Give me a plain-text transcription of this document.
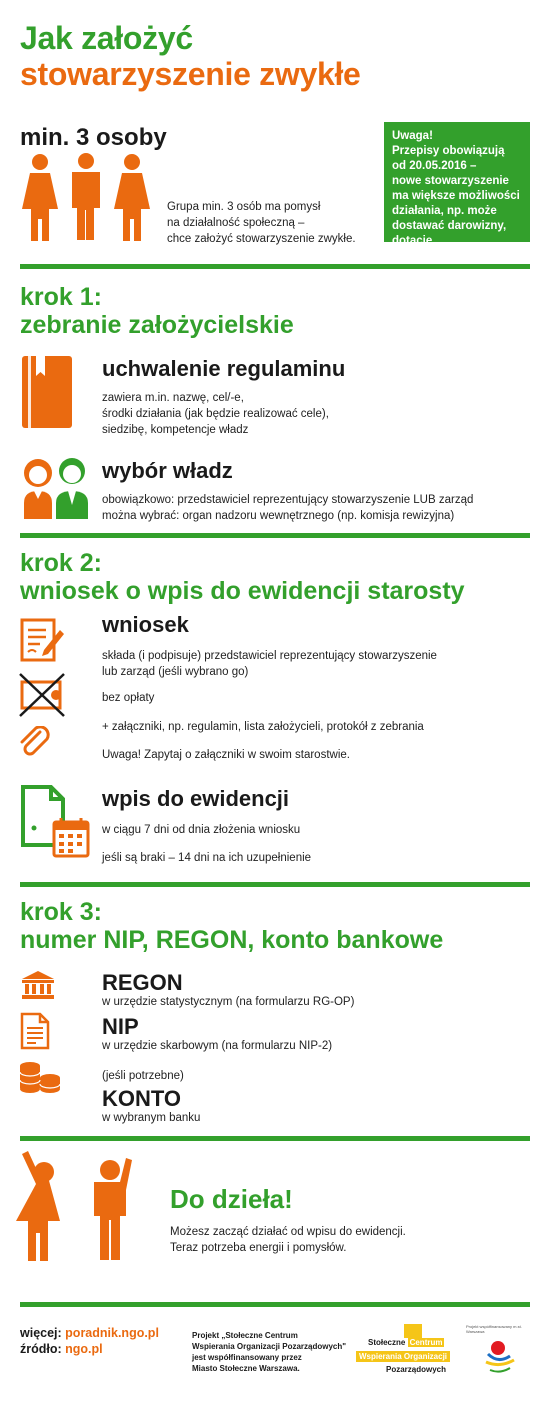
Jak założyć
stowarzyszenie zwykłe
min. 3 osoby
Grupa min. 3 osób ma pomysł
na działalność społeczną –
chce założyć stowarzyszenie zwykłe.
Uwaga!
Przepisy obowiązują
od 20.05.2016 –
nowe stowarzyszenie
ma większe możliwości
działania, np. może
dostawać darowizny,
dotacje.
krok 1:
zebranie założycielskie
uchwalenie regulaminu
zawiera m.in. nazwę, cel/-e,
środki działania (jak będzie realizować cele),
siedzibę, kompetencje władz
wybór władz
obowiązkowo: przedstawiciel reprezentujący stowarzyszenie LUB zarząd
można wybrać: organ nadzoru wewnętrznego (np. komisja rewizyjna)
krok 2:
wniosek o wpis do ewidencji starosty
wniosek
składa (i podpisuje) przedstawiciel reprezentujący stowarzyszenie
lub zarząd (jeśli wybrano go)
bez opłaty
+ załączniki, np. regulamin, lista założycieli, protokół z zebrania
Uwaga! Zapytaj o załączniki w swoim starostwie.
wpis do ewidencji
w ciągu 7 dni od dnia złożenia wniosku
jeśli są braki – 14 dni na ich uzupełnienie
krok 3:
numer NIP, REGON, konto bankowe
REGON
w urzędzie statystycznym (na formularzu RG-OP)
NIP
w urzędzie skarbowym (na formularzu NIP-2)
(jeśli potrzebne)
KONTO
w wybranym banku
Do dzieła!
Możesz zacząć działać od wpisu do ewidencji.
Teraz potrzeba energii i pomysłów.
więcej: poradnik.ngo.pl
źródło: ngo.pl
Projekt „Stołeczne Centrum
Wspierania Organizacji Pozarządowych"
jest współfinansowany przez
Miasto Stołeczne Warszawa.
Stołeczne Centrum
Wspierania Organizacji
Pozarządowych
Projekt współfinansowany m.st. Warszawa
